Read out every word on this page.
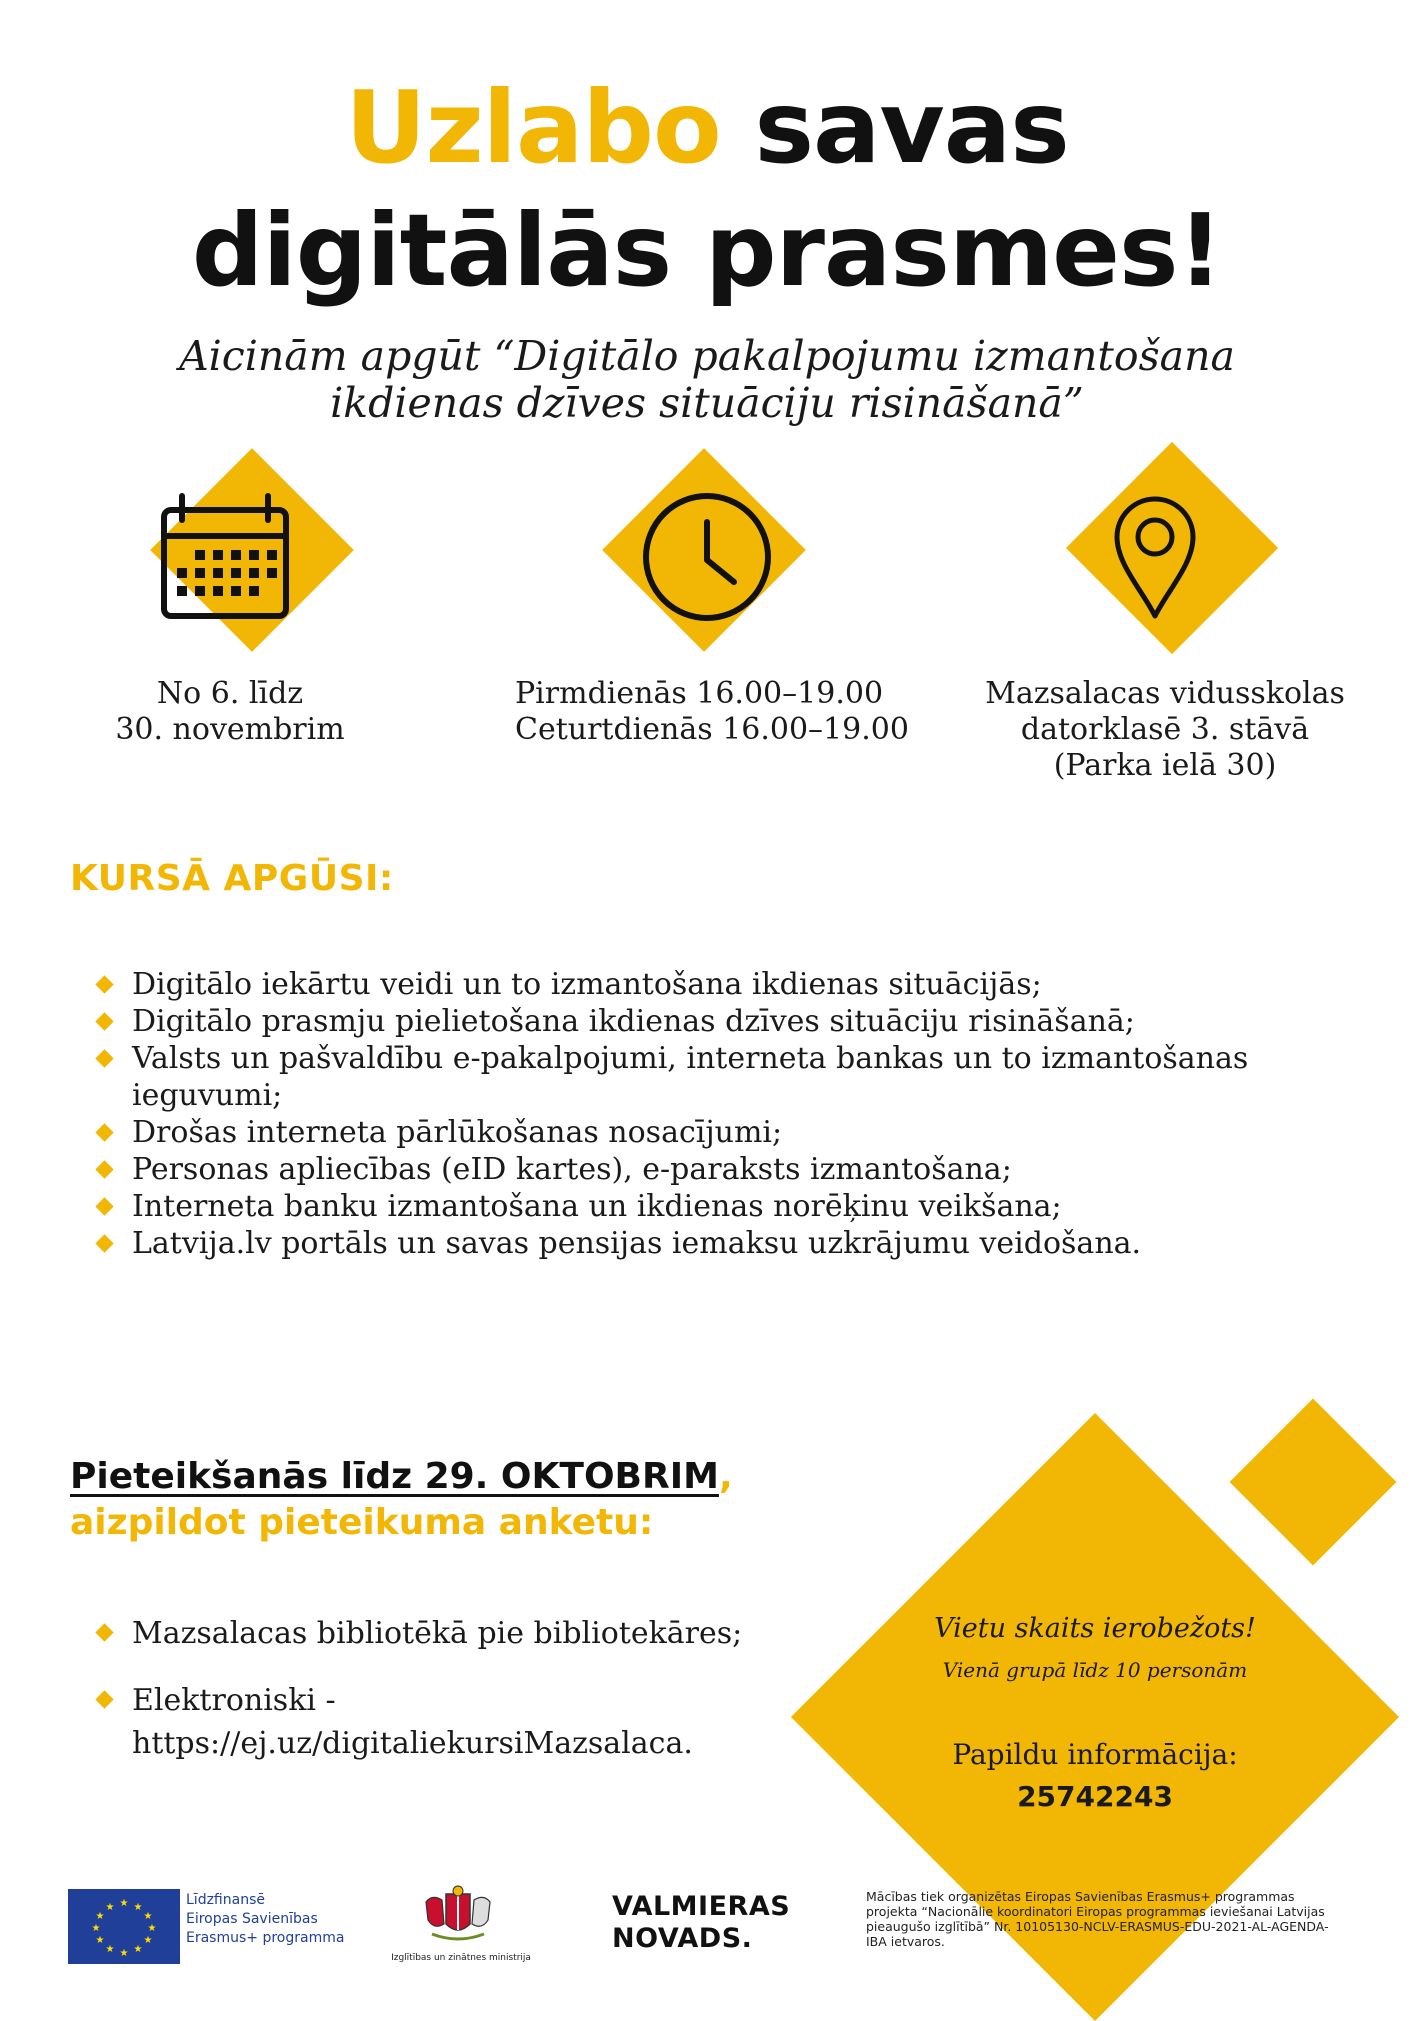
Uzlabo savas
digitālās prasmes!
Aicinām apgūt “Digitālo pakalpojumu izmantošana
ikdienas dzīves situāciju risināšanā”
No 6. līdz
30. novembrim
Pirmdienās 16.00–19.00
Ceturtdienās 16.00–19.00
Mazsalacas vidusskolas
datorklasē 3. stāvā
(Parka ielā 30)
KURSĀ APGŪSI:
Digitālo iekārtu veidi un to izmantošana ikdienas situācijās;
Digitālo prasmju pielietošana ikdienas dzīves situāciju risināšanā;
Valsts un pašvaldību e-pakalpojumi, interneta bankas un to izmantošanas ieguvumi;
Drošas interneta pārlūkošanas nosacījumi;
Personas apliecības (eID kartes), e-paraksts izmantošana;
Interneta banku izmantošana un ikdienas norēķinu veikšana;
Latvija.lv portāls un savas pensijas iemaksu uzkrājumu veidošana.
Pieteikšanās līdz 29. OKTOBRIM,
aizpildot pieteikuma anketu:
Mazsalacas bibliotēkā pie bibliotekāres;
Elektroniski - https://ej.uz/digitaliekursiMazsalaca.
Vietu skaits ierobežots!
Vienā grupā līdz 10 personām
Papildu informācija:
25742243
★ ★
★
★
★
★
★
★
★
★
★
★	Līdzfinansē
Eiropas Savienības
Erasmus+ programma
Izglītības un zinātnes ministrija
VALMIERAS
NOVADS.
Mācības tiek organizētas Eiropas Savienības Erasmus+ programmas projekta “Nacionālie koordinatori Eiropas programmas ieviešanai Latvijas pieaugušo izglītībā” Nr. 10105130-NCLV-ERASMUS-EDU-2021-AL-AGENDA-IBA ietvaros.
